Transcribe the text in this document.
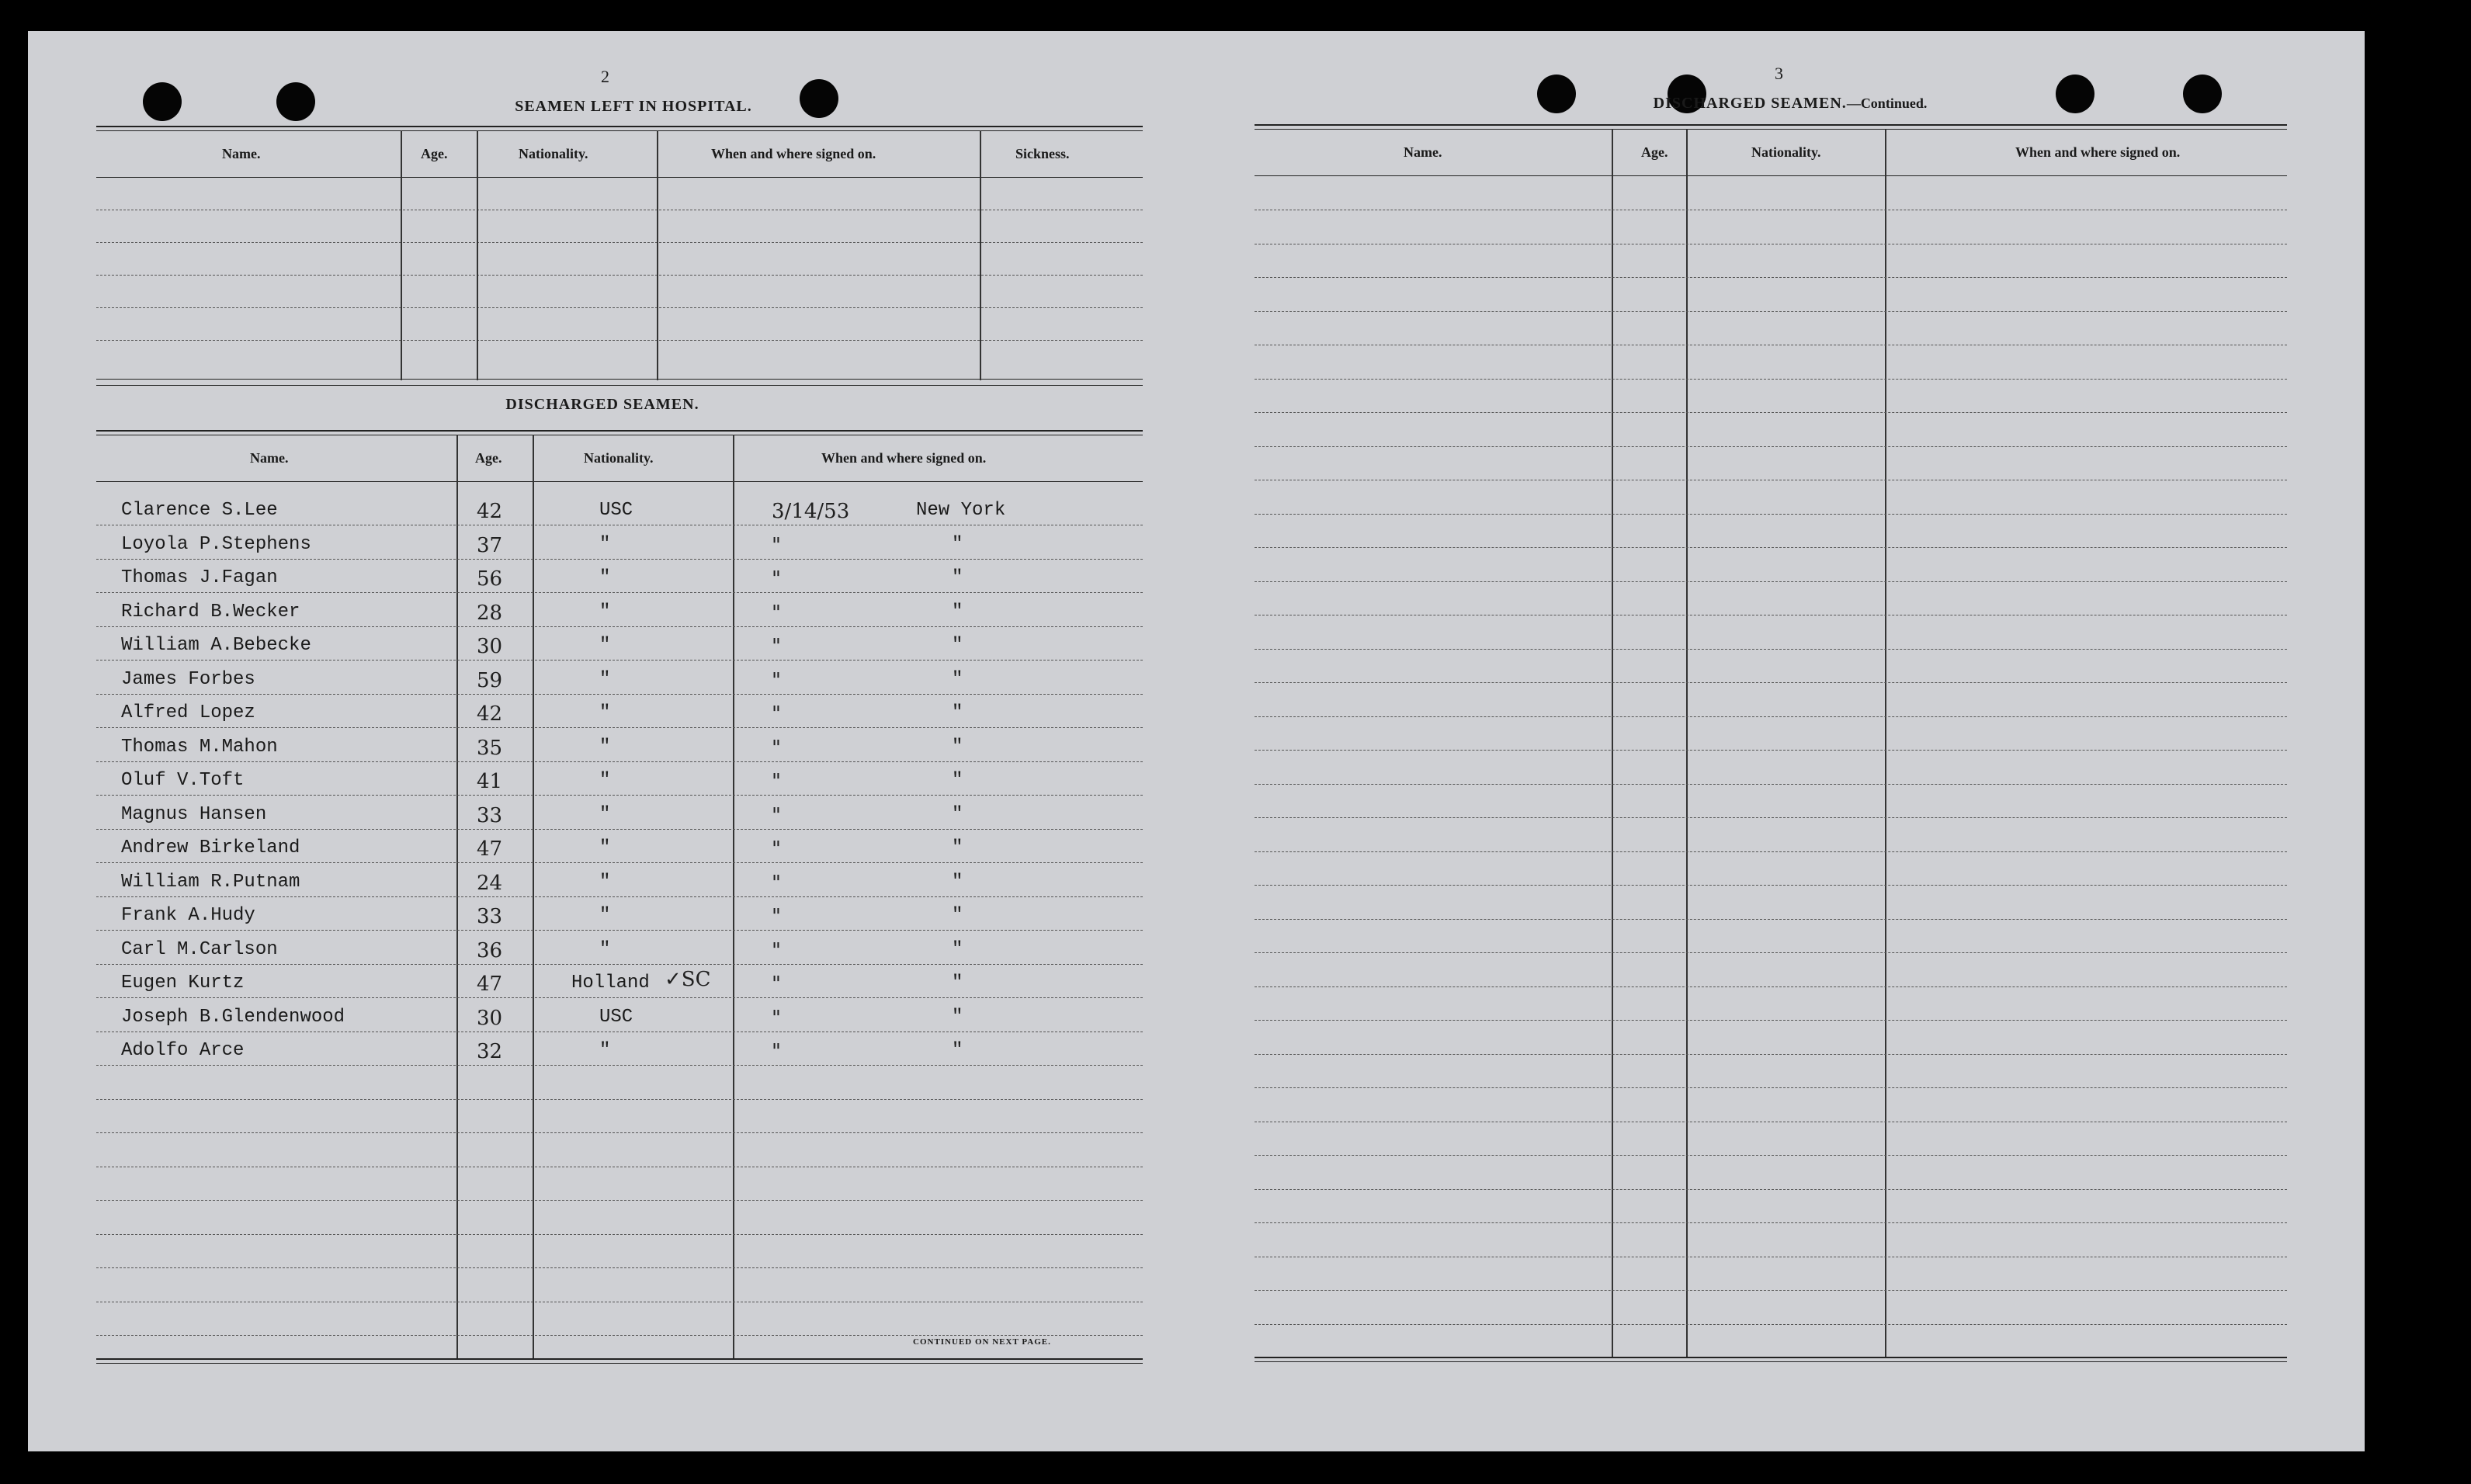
2
SEAMEN LEFT IN HOSPITAL.
Name.	Age.	Nationality.	When and where signed on.	Sickness.
DISCHARGED SEAMEN.
Name.	Age.	Nationality.	When and where signed on.
Clarence S.Lee	42	USC	3/14/53	New York
Loyola P.Stephens	37	"	"	"
Thomas J.Fagan	56	"	"	"
Richard B.Wecker	28	"	"	"
William A.Bebecke	30	"	"	"
James Forbes	59	"	"	"
Alfred Lopez	42	"	"	"
Thomas M.Mahon	35	"	"	"
Oluf V.Toft	41	"	"	"
Magnus Hansen	33	"	"	"
Andrew Birkeland	47	"	"	"
William R.Putnam	24	"	"	"
Frank A.Hudy	33	"	"	"
Carl M.Carlson	36	"	"	"
Eugen Kurtz	47	Holland	"	"
✓SC
Joseph B.Glendenwood	30	USC	"	"
Adolfo Arce	32	"	"	"
CONTINUED ON NEXT PAGE.
3
DISCHARGED SEAMEN.—Continued.
Name.	Age.	Nationality.	When and where signed on.
